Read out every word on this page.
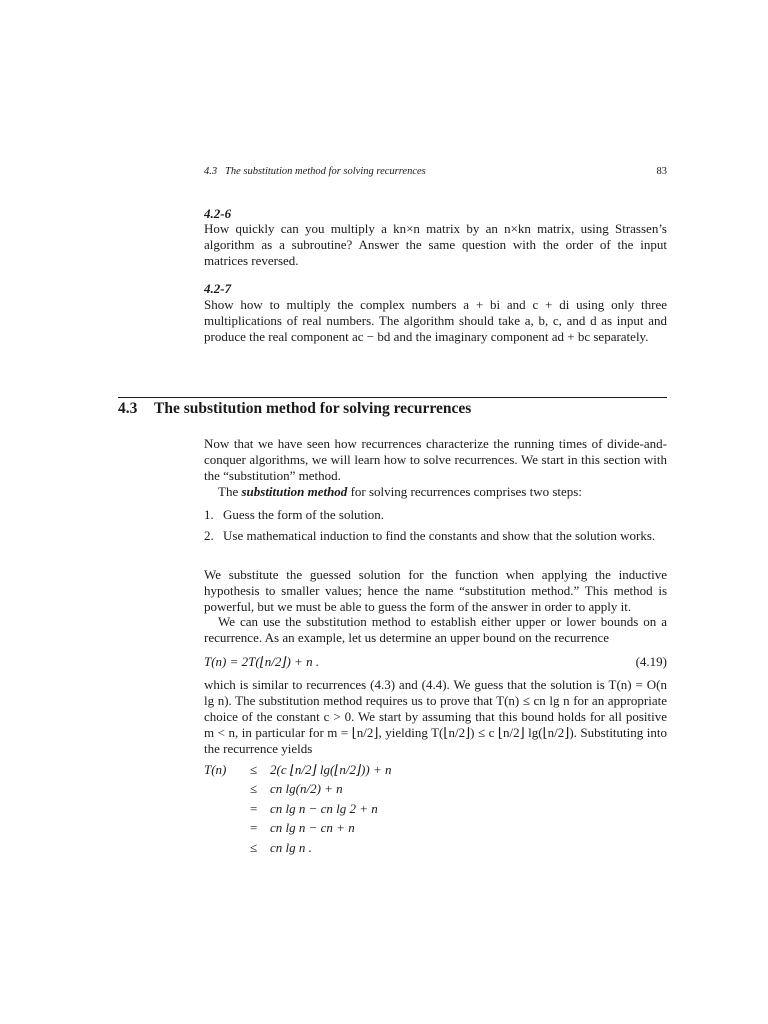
4.3   The substitution method for solving recurrences	83
4.2-6
How quickly can you multiply a kn×n matrix by an n×kn matrix, using Strassen’s algorithm as a subroutine? Answer the same question with the order of the input matrices reversed.
4.2-7
Show how to multiply the complex numbers a + bi and c + di using only three multiplications of real numbers. The algorithm should take a, b, c, and d as input and produce the real component ac − bd and the imaginary component ad + bc separately.
4.3 The substitution method for solving recurrences
Now that we have seen how recurrences characterize the running times of divide-and-conquer algorithms, we will learn how to solve recurrences. We start in this section with the “substitution” method.
The substitution method for solving recurrences comprises two steps:
1. Guess the form of the solution.
2. Use mathematical induction to find the constants and show that the solution works.
We substitute the guessed solution for the function when applying the inductive hypothesis to smaller values; hence the name “substitution method.” This method is powerful, but we must be able to guess the form of the answer in order to apply it.
We can use the substitution method to establish either upper or lower bounds on a recurrence. As an example, let us determine an upper bound on the recurrence
T(n) = 2T(⌊n/2⌋) + n .	(4.19)
which is similar to recurrences (4.3) and (4.4). We guess that the solution is T(n) = O(n lg n). The substitution method requires us to prove that T(n) ≤ cn lg n for an appropriate choice of the constant c > 0. We start by assuming that this bound holds for all positive m < n, in particular for m = ⌊n/2⌋, yielding T(⌊n/2⌋) ≤ c ⌊n/2⌋ lg(⌊n/2⌋). Substituting into the recurrence yields
T(n) ≤ 2(c ⌊n/2⌋ lg(⌊n/2⌋)) + n
≤ cn lg(n/2) + n
= cn lg n − cn lg 2 + n
= cn lg n − cn + n
≤ cn lg n .
